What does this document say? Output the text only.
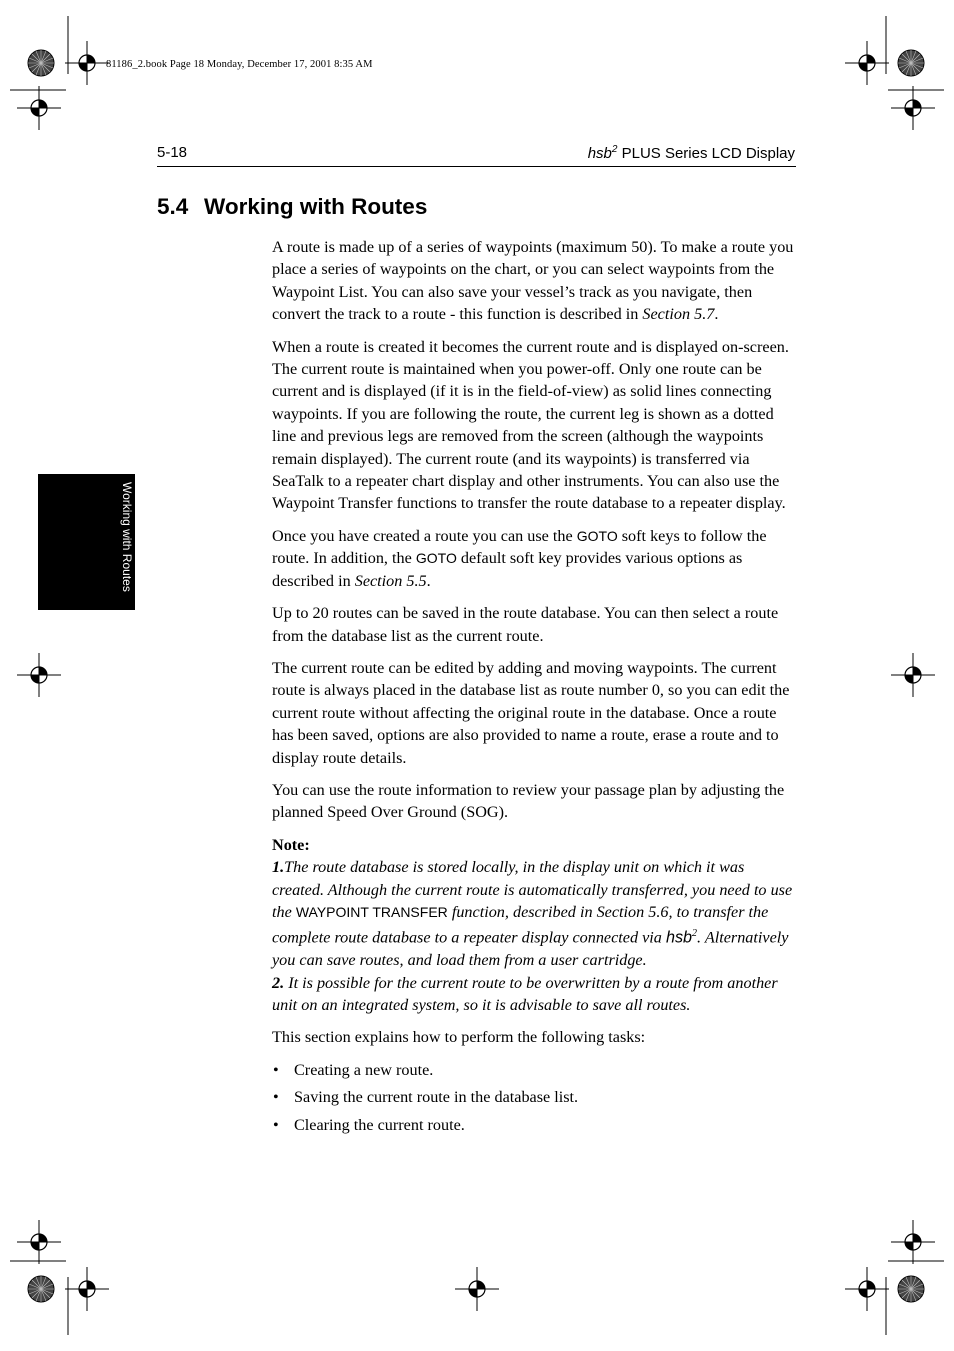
81186_2.book Page 18 Monday, December 17, 2001 8:35 AM
5-18	hsb$^2$ PLUS Series LCD Display
5.4 Working with Routes
Working with Routes

A route is made up of a series of waypoints (maximum 50). To make a route you place a series of waypoints on the chart, or you can select waypoints from the Waypoint List. You can also save your vessel’s track as you navigate, then convert the track to a route - this function is described in Section 5.7.

When a route is created it becomes the current route and is displayed on-screen. The current route is maintained when you power-off. Only one route can be current and is displayed (if it is in the field-of-view) as solid lines connecting waypoints. If you are following the route, the current leg is shown as a dotted line and previous legs are removed from the screen (although the waypoints remain displayed). The current route (and its waypoints) is transferred via SeaTalk to a repeater chart display and other instruments. You can also use the Waypoint Transfer functions to transfer the route database to a repeater display.

Once you have created a route you can use the GOTO soft keys to follow the route. In addition, the GOTO default soft key provides various options as described in Section 5.5.

Up to 20 routes can be saved in the route database. You can then select a route from the database list as the current route.

The current route can be edited by adding and moving waypoints. The current route is always placed in the database list as route number 0, so you can edit the current route without affecting the original route in the database. Once a route has been saved, options are also provided to name a route, erase a route and to display route details.

You can use the route information to review your passage plan by adjusting the planned Speed Over Ground (SOG).

Note:

1.The route database is stored locally, in the display unit on which it was created. Although the current route is automatically transferred, you need to use the WAYPOINT TRANSFER function, described in Section 5.6, to transfer the complete route database to a repeater display connected via hsb$^2$. Alternatively you can save routes, and load them from a user cartridge.

2. It is possible for the current route to be overwritten by a route from another unit on an integrated system, so it is advisable to save all routes.

This section explains how to perform the following tasks:

• Creating a new route.
• Saving the current route in the database list.
• Clearing the current route.
